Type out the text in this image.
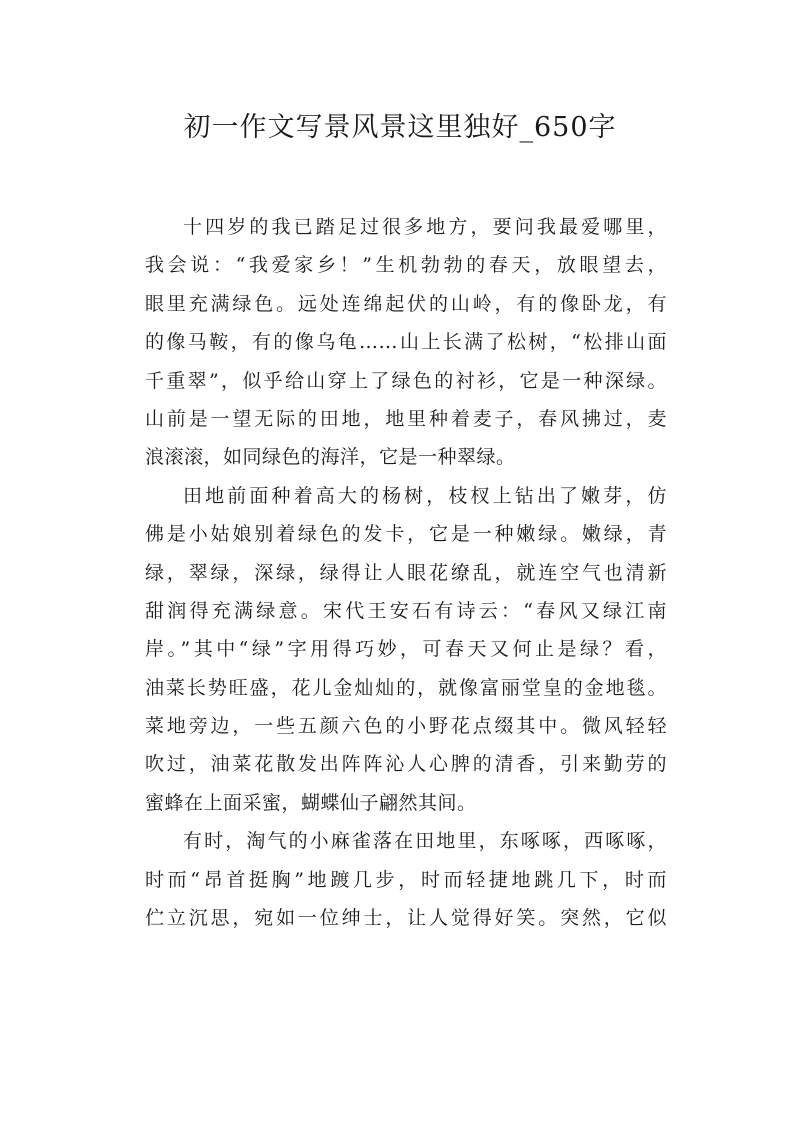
初一作文写景风景这里独好_650字
十四岁的我已踏足过很多地方，要问我最爱哪里，
我会说：“我爱家乡！”生机勃勃的春天，放眼望去，
眼里充满绿色。远处连绵起伏的山岭，有的像卧龙，有
的像马鞍，有的像乌龟……山上长满了松树，“松排山面
千重翠”，似乎给山穿上了绿色的衬衫，它是一种深绿。
山前是一望无际的田地，地里种着麦子，春风拂过，麦
浪滚滚，如同绿色的海洋，它是一种翠绿。
田地前面种着高大的杨树，枝杈上钻出了嫩芽，仿
佛是小姑娘别着绿色的发卡，它是一种嫩绿。嫩绿，青
绿，翠绿，深绿，绿得让人眼花缭乱，就连空气也清新
甜润得充满绿意。宋代王安石有诗云：“春风又绿江南
岸。”其中“绿”字用得巧妙，可春天又何止是绿？看，
油菜长势旺盛，花儿金灿灿的，就像富丽堂皇的金地毯。
菜地旁边，一些五颜六色的小野花点缀其中。微风轻轻
吹过，油菜花散发出阵阵沁人心脾的清香，引来勤劳的
蜜蜂在上面采蜜，蝴蝶仙子翩然其间。
有时，淘气的小麻雀落在田地里，东啄啄，西啄啄，
时而“昂首挺胸”地踱几步，时而轻捷地跳几下，时而
伫立沉思，宛如一位绅士，让人觉得好笑。突然，它似
